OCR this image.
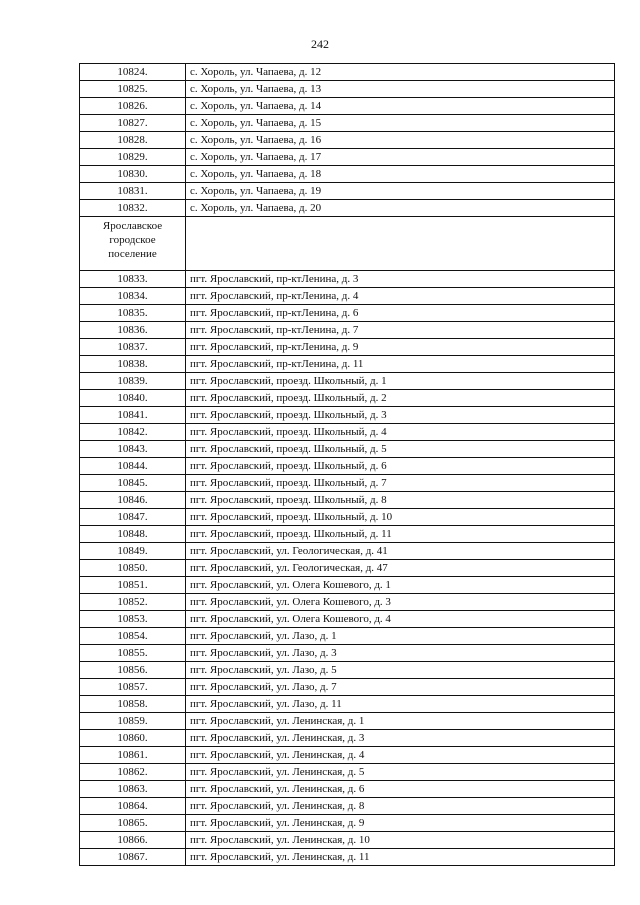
242
10824.	с. Хороль, ул. Чапаева, д. 12
10825.	с. Хороль, ул. Чапаева, д. 13
10826.	с. Хороль, ул. Чапаева, д. 14
10827.	с. Хороль, ул. Чапаева, д. 15
10828.	с. Хороль, ул. Чапаева, д. 16
10829.	с. Хороль, ул. Чапаева, д. 17
10830.	с. Хороль, ул. Чапаева, д. 18
10831.	с. Хороль, ул. Чапаева, д. 19
10832.	с. Хороль, ул. Чапаева, д. 20
Ярославское
городское
поселение	
10833.	пгт. Ярославский, пр-ктЛенина, д. 3
10834.	пгт. Ярославский, пр-ктЛенина, д. 4
10835.	пгт. Ярославский, пр-ктЛенина, д. 6
10836.	пгт. Ярославский, пр-ктЛенина, д. 7
10837.	пгт. Ярославский, пр-ктЛенина, д. 9
10838.	пгт. Ярославский, пр-ктЛенина, д. 11
10839.	пгт. Ярославский, проезд. Школьный, д. 1
10840.	пгт. Ярославский, проезд. Школьный, д. 2
10841.	пгт. Ярославский, проезд. Школьный, д. 3
10842.	пгт. Ярославский, проезд. Школьный, д. 4
10843.	пгт. Ярославский, проезд. Школьный, д. 5
10844.	пгт. Ярославский, проезд. Школьный, д. 6
10845.	пгт. Ярославский, проезд. Школьный, д. 7
10846.	пгт. Ярославский, проезд. Школьный, д. 8
10847.	пгт. Ярославский, проезд. Школьный, д. 10
10848.	пгт. Ярославский, проезд. Школьный, д. 11
10849.	пгт. Ярославский, ул. Геологическая, д. 41
10850.	пгт. Ярославский, ул. Геологическая, д. 47
10851.	пгт. Ярославский, ул. Олега Кошевого, д. 1
10852.	пгт. Ярославский, ул. Олега Кошевого, д. 3
10853.	пгт. Ярославский, ул. Олега Кошевого, д. 4
10854.	пгт. Ярославский, ул. Лазо, д. 1
10855.	пгт. Ярославский, ул. Лазо, д. 3
10856.	пгт. Ярославский, ул. Лазо, д. 5
10857.	пгт. Ярославский, ул. Лазо, д. 7
10858.	пгт. Ярославский, ул. Лазо, д. 11
10859.	пгт. Ярославский, ул. Ленинская, д. 1
10860.	пгт. Ярославский, ул. Ленинская, д. 3
10861.	пгт. Ярославский, ул. Ленинская, д. 4
10862.	пгт. Ярославский, ул. Ленинская, д. 5
10863.	пгт. Ярославский, ул. Ленинская, д. 6
10864.	пгт. Ярославский, ул. Ленинская, д. 8
10865.	пгт. Ярославский, ул. Ленинская, д. 9
10866.	пгт. Ярославский, ул. Ленинская, д. 10
10867.	пгт. Ярославский, ул. Ленинская, д. 11
